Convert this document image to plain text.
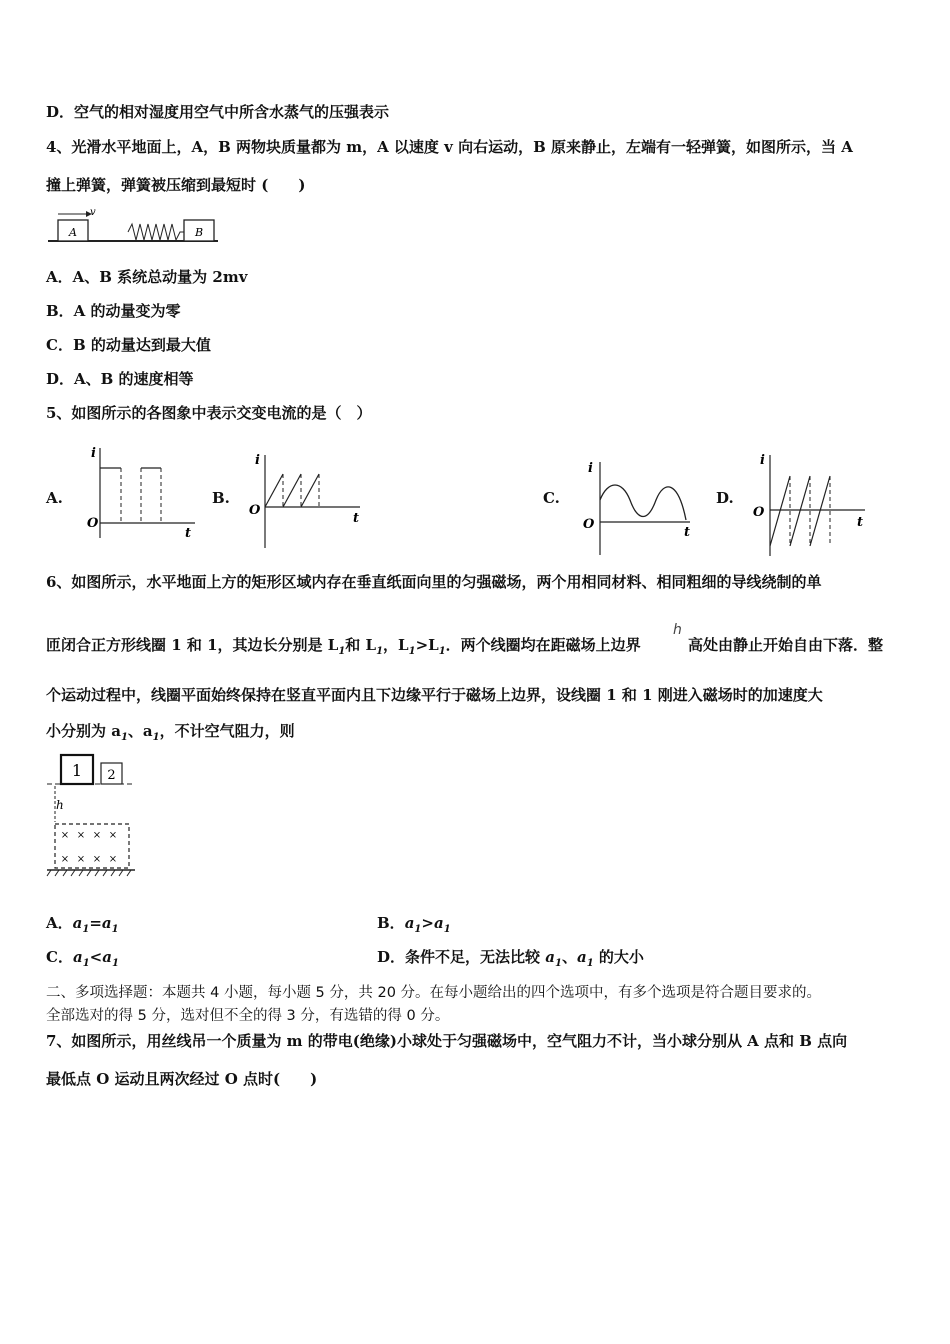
D．空气的相对湿度用空气中所含水蒸气的压强表示
4、光滑水平地面上，A，B 两物块质量都为 m，A 以速度 v 向右运动，B 原来静止，左端有一轻弹簧，如图所示，当 A
撞上弹簧，弹簧被压缩到最短时 (　　)
A
v
B
A．A、B 系统总动量为 2mv
B．A 的动量变为零
C．B 的动量达到最大值
D．A、B 的速度相等
5、如图所示的各图象中表示交变电流的是（　）
A.	B.	C.	D.
i
O
t
i
O
t
i
O
t
i
O
t
6、如图所示，水平地面上方的矩形区域内存在垂直纸面向里的匀强磁场，两个用相同材料、相同粗细的导线绕制的单
匝闭合正方形线圈 1 和 1，其边长分别是 $L_1$和 $L_1$，$L_1>L_1$．两个线圈均在距磁场上边界
h
高处由静止开始自由下落．整
个运动过程中，线圈平面始终保持在竖直平面内且下边缘平行于磁场上边界，设线圈 1 和 1 刚进入磁场时的加速度大
小分别为 $a_1$、$a_1$，不计空气阻力，则
1 2
h
× × × ×
× × × ×
A．$a_1=a_1$	B．$a_1>a_1$
C．$a_1<a_1$	D．条件不足，无法比较 $a_1$、$a_1$ 的大小
二、多项选择题：本题共 4 小题，每小题 5 分，共 20 分。在每小题给出的四个选项中，有多个选项是符合题目要求的。
全部选对的得 5 分，选对但不全的得 3 分，有选错的得 0 分。
7、如图所示，用丝线吊一个质量为 m 的带电(绝缘)小球处于匀强磁场中，空气阻力不计，当小球分别从 A 点和 B 点向
最低点 O 运动且两次经过 O 点时(　　)
